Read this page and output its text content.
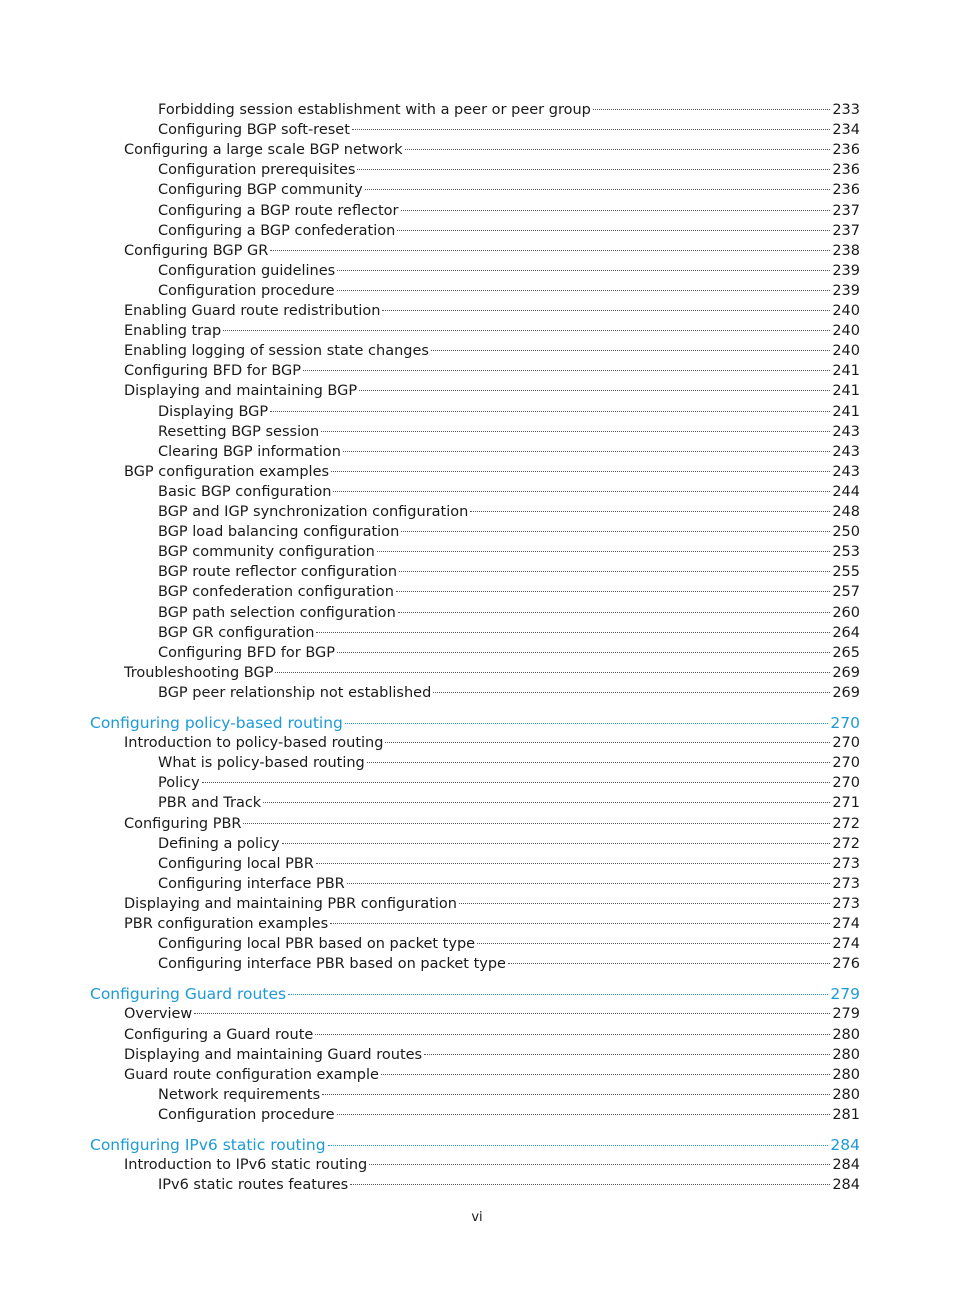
Forbidding session establishment with a peer or peer group	233
Configuring BGP soft-reset	234
Configuring a large scale BGP network	236
Configuration prerequisites	236
Configuring BGP community	236
Configuring a BGP route reflector	237
Configuring a BGP confederation	237
Configuring BGP GR	238
Configuration guidelines	239
Configuration procedure	239
Enabling Guard route redistribution	240
Enabling trap	240
Enabling logging of session state changes	240
Configuring BFD for BGP	241
Displaying and maintaining BGP	241
Displaying BGP	241
Resetting BGP session	243
Clearing BGP information	243
BGP configuration examples	243
Basic BGP configuration	244
BGP and IGP synchronization configuration	248
BGP load balancing configuration	250
BGP community configuration	253
BGP route reflector configuration	255
BGP confederation configuration	257
BGP path selection configuration	260
BGP GR configuration	264
Configuring BFD for BGP	265
Troubleshooting BGP	269
BGP peer relationship not established	269
Configuring policy-based routing	270
Introduction to policy-based routing	270
What is policy-based routing	270
Policy	270
PBR and Track	271
Configuring PBR	272
Defining a policy	272
Configuring local PBR	273
Configuring interface PBR	273
Displaying and maintaining PBR configuration	273
PBR configuration examples	274
Configuring local PBR based on packet type	274
Configuring interface PBR based on packet type	276
Configuring Guard routes	279
Overview	279
Configuring a Guard route	280
Displaying and maintaining Guard routes	280
Guard route configuration example	280
Network requirements	280
Configuration procedure	281
Configuring IPv6 static routing	284
Introduction to IPv6 static routing	284
IPv6 static routes features	284
vi
